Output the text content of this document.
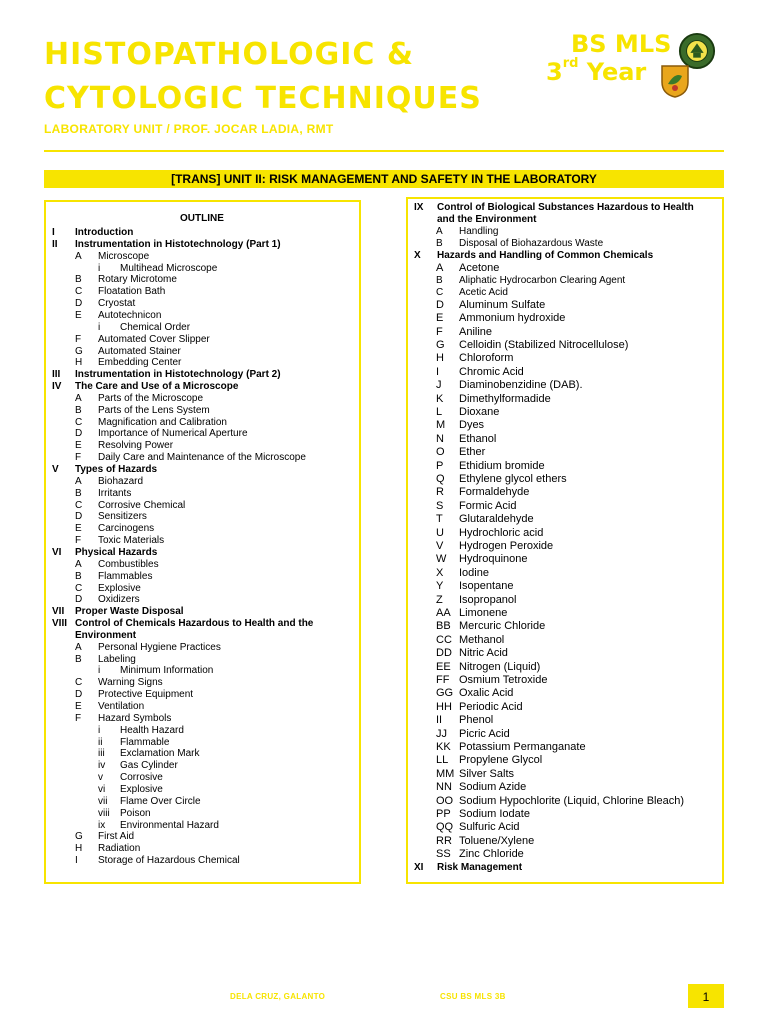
HISTOPATHOLOGIC &
CYTOLOGIC TECHNIQUES
LABORATORY UNIT / PROF. JOCAR LADIA, RMT
BS MLS
3rd Year
[TRANS] UNIT II: RISK MANAGEMENT AND SAFETY IN THE LABORATORY
OUTLINE
I Introduction
II Instrumentation in Histotechnology (Part 1)
A Microscope
i Multihead Microscope
B Rotary Microtome
C Floatation Bath
D Cryostat
E Autotechnicon
i Chemical Order
F Automated Cover Slipper
G Automated Stainer
H Embedding Center
III Instrumentation in Histotechnology (Part 2)
IV The Care and Use of a Microscope
A Parts of the Microscope
B Parts of the Lens System
C Magnification and Calibration
D Importance of Numerical Aperture
E Resolving Power
F Daily Care and Maintenance of the Microscope
V Types of Hazards
A Biohazard
B Irritants
C Corrosive Chemical
D Sensitizers
E Carcinogens
F Toxic Materials
VI Physical Hazards
A Combustibles
B Flammables
C Explosive
D Oxidizers
VII Proper Waste Disposal
VIII Control of Chemicals Hazardous to Health and the
Environment
A Personal Hygiene Practices
B Labeling
i Minimum Information
C Warning Signs
D Protective Equipment
E Ventilation
F Hazard Symbols
i Health Hazard
ii Flammable
iii Exclamation Mark
iv Gas Cylinder
v Corrosive
vi Explosive
vii Flame Over Circle
viii Poison
ix Environmental Hazard
G First Aid
H Radiation
I Storage of Hazardous Chemical
IX Control of Biological Substances Hazardous to Health
and the Environment
A Handling
B Disposal of Biohazardous Waste
X Hazards and Handling of Common Chemicals
A Acetone
B Aliphatic Hydrocarbon Clearing Agent
C Acetic Acid
D Aluminum Sulfate
E Ammonium hydroxide
F Aniline
G Celloidin (Stabilized Nitrocellulose)
H Chloroform
I Chromic Acid
J Diaminobenzidine (DAB).
K Dimethylformadide
L Dioxane
M Dyes
N Ethanol
O Ether
P Ethidium bromide
Q Ethylene glycol ethers
R Formaldehyde
S Formic Acid
T Glutaraldehyde
U Hydrochloric acid
V Hydrogen Peroxide
W Hydroquinone
X Iodine
Y Isopentane
Z Isopropanol
AA Limonene
BB Mercuric Chloride
CC Methanol
DD Nitric Acid
EE Nitrogen (Liquid)
FF Osmium Tetroxide
GG Oxalic Acid
HH Periodic Acid
II Phenol
JJ Picric Acid
KK Potassium Permanganate
LL Propylene Glycol
MM Silver Salts
NN Sodium Azide
OO Sodium Hypochlorite (Liquid, Chlorine Bleach)
PP Sodium Iodate
QQ Sulfuric Acid
RR Toluene/Xylene
SS Zinc Chloride
XI Risk Management
DELA CRUZ, GALANTO	CSU BS MLS 3B	1
